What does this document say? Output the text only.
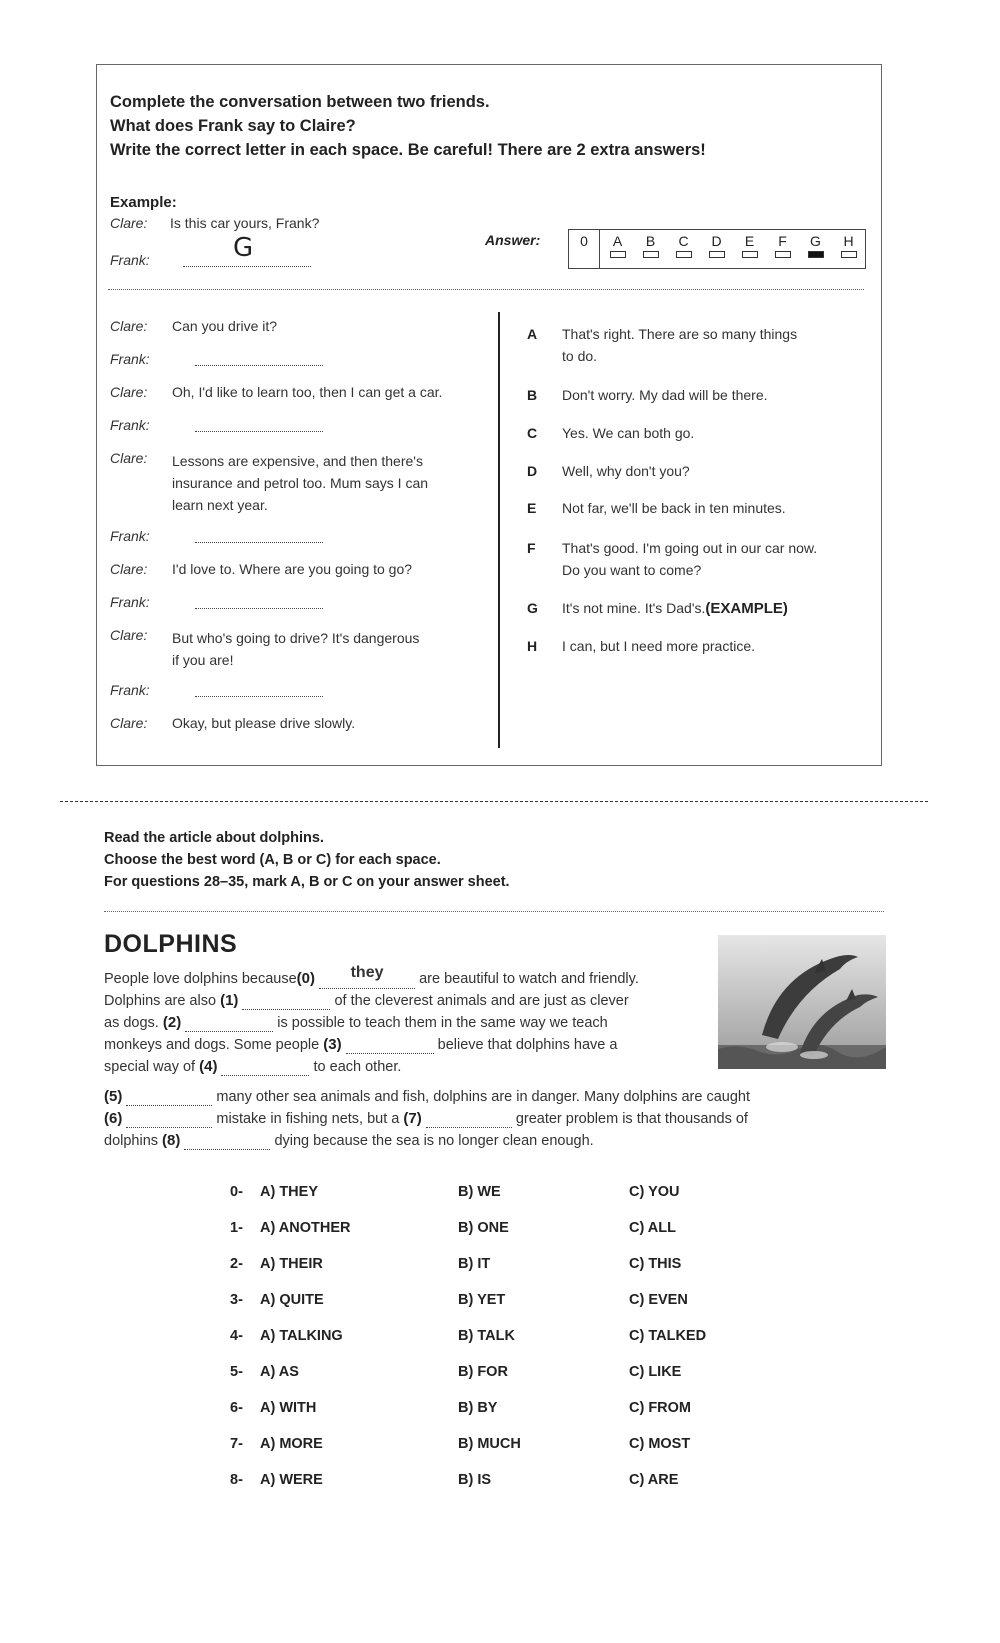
Complete the conversation between two friends.
What does Frank say to Claire?
Write the correct letter in each space. Be careful! There are 2 extra answers!
Example:
Clare: Is this car yours, Frank?
Frank:	G	Answer:	0	A	B	C	D	E	F	G	H
Clare: Can you drive it?
Frank:
Clare: Oh, I'd like to learn too, then I can get a car.
Frank:
Clare: Lessons are expensive, and then there's
insurance and petrol too. Mum says I can
learn next year.
Frank:
Clare: I'd love to. Where are you going to go?
Frank:
Clare: But who's going to drive? It's dangerous
if you are!
Frank:
Clare: Okay, but please drive slowly.
A That's right. There are so many things
to do.
B Don't worry. My dad will be there.
C Yes. We can both go.
D Well, why don't you?
E Not far, we'll be back in ten minutes.
F That's good. I'm going out in our car now.
Do you want to come?
G It's not mine. It's Dad's.(EXAMPLE)
H I can, but I need more practice.
Read the article about dolphins.
Choose the best word (A, B or C) for each space.
For questions 28–35, mark A, B or C on your answer sheet.
DOLPHINS
People love dolphins because(0) they are beautiful to watch and friendly.
Dolphins are also (1)	of the cleverest animals and are just as clever
as dogs. (2)	is possible to teach them in the same way we teach
monkeys and dogs. Some people (3)	believe that dolphins have a
special way of (4)	to each other.
(5)	many other sea animals and fish, dolphins are in danger. Many dolphins are caught
(6)	mistake in fishing nets, but a (7)	greater problem is that thousands of
dolphins (8)	dying because the sea is no longer clean enough.
0- A) THEY	B) WE	C) YOU
1- A) ANOTHER	B) ONE	C) ALL
2- A) THEIR	B) IT	C) THIS
3- A) QUITE	B) YET	C) EVEN
4- A) TALKING	B) TALK	C) TALKED
5- A) AS	B) FOR	C) LIKE
6- A) WITH	B) BY	C) FROM
7- A) MORE	B) MUCH	C) MOST
8- A) WERE	B) IS	C) ARE
